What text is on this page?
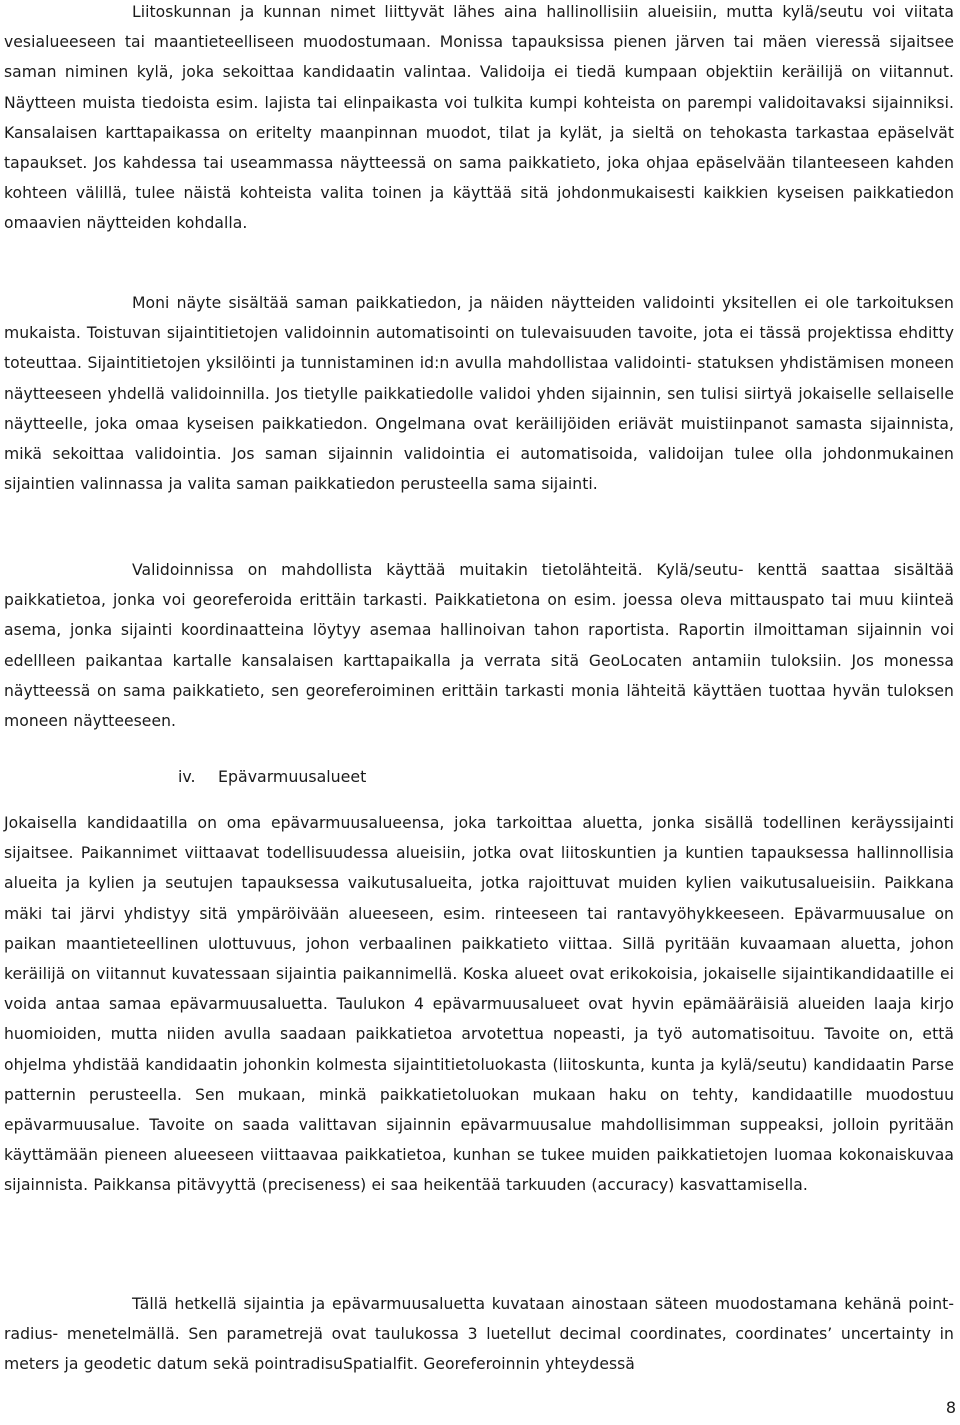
Liitoskunnan ja kunnan nimet liittyvät lähes aina hallinollisiin alueisiin, mutta kylä/seutu voi viitata vesialueeseen tai maantieteelliseen muodostumaan. Monissa tapauksissa pienen järven tai mäen vieressä sijaitsee saman niminen kylä, joka sekoittaa kandidaatin valintaa. Validoija ei tiedä kumpaan objektiin keräilijä on viitannut. Näytteen muista tiedoista esim. lajista tai elinpaikasta voi tulkita kumpi kohteista on parempi validoitavaksi sijainniksi. Kansalaisen karttapaikassa on eritelty maanpinnan muodot, tilat ja kylät, ja sieltä on tehokasta tarkastaa epäselvät tapaukset. Jos kahdessa tai useammassa näytteessä on sama paikkatieto, joka ohjaa epäselvään tilanteeseen kahden kohteen välillä, tulee näistä kohteista valita toinen ja käyttää sitä johdonmukaisesti kaikkien kyseisen paikkatiedon omaavien näytteiden kohdalla.

Moni näyte sisältää saman paikkatiedon, ja näiden näytteiden validointi yksitellen ei ole tarkoituksen mukaista. Toistuvan sijaintitietojen validoinnin automatisointi on tulevaisuuden tavoite, jota ei tässä projektissa ehditty toteuttaa. Sijaintitietojen yksilöinti ja tunnistaminen id:n avulla mahdollistaa validointi- statuksen yhdistämisen moneen näytteeseen yhdellä validoinnilla. Jos tietylle paikkatiedolle validoi yhden sijainnin, sen tulisi siirtyä jokaiselle sellaiselle näytteelle, joka omaa kyseisen paikkatiedon. Ongelmana ovat keräilijöiden eriävät muistiinpanot samasta sijainnista, mikä sekoittaa validointia. Jos saman sijainnin validointia ei automatisoida, validoijan tulee olla johdonmukainen sijaintien valinnassa ja valita saman paikkatiedon perusteella sama sijainti.

Validoinnissa on mahdollista käyttää muitakin tietolähteitä. Kylä/seutu- kenttä saattaa sisältää paikkatietoa, jonka voi georeferoida erittäin tarkasti. Paikkatietona on esim. joessa oleva mittauspato tai muu kiinteä asema, jonka sijainti koordinaatteina löytyy asemaa hallinoivan tahon raportista. Raportin ilmoittaman sijainnin voi edellleen paikantaa kartalle kansalaisen karttapaikalla ja verrata sitä GeoLocaten antamiin tuloksiin. Jos monessa näytteessä on sama paikkatieto, sen georeferoiminen erittäin tarkasti monia lähteitä käyttäen tuottaa hyvän tuloksen moneen näytteeseen.

iv. Epävarmuusalueet

Jokaisella kandidaatilla on oma epävarmuusalueensa, joka tarkoittaa aluetta, jonka sisällä todellinen keräyssijainti sijaitsee. Paikannimet viittaavat todellisuudessa alueisiin, jotka ovat liitoskuntien ja kuntien tapauksessa hallinnollisia alueita ja kylien ja seutujen tapauksessa vaikutusalueita, jotka rajoittuvat muiden kylien vaikutusalueisiin. Paikkana mäki tai järvi yhdistyy sitä ympäröivään alueeseen, esim. rinteeseen tai rantavyöhykkeeseen. Epävarmuusalue on paikan maantieteellinen ulottuvuus, johon verbaalinen paikkatieto viittaa. Sillä pyritään kuvaamaan aluetta, johon keräilijä on viitannut kuvatessaan sijaintia paikannimellä. Koska alueet ovat erikokoisia, jokaiselle sijaintikandidaatille ei voida antaa samaa epävarmuusaluetta. Taulukon 4 epävarmuusalueet ovat hyvin epämääräisiä alueiden laaja kirjo huomioiden, mutta niiden avulla saadaan paikkatietoa arvotettua nopeasti, ja työ automatisoituu. Tavoite on, että ohjelma yhdistää kandidaatin johonkin kolmesta sijaintitietoluokasta (liitoskunta, kunta ja kylä/seutu) kandidaatin Parse patternin perusteella. Sen mukaan, minkä paikkatietoluokan mukaan haku on tehty, kandidaatille muodostuu epävarmuusalue. Tavoite on saada valittavan sijainnin epävarmuusalue mahdollisimman suppeaksi, jolloin pyritään käyttämään pieneen alueeseen viittaavaa paikkatietoa, kunhan se tukee muiden paikkatietojen luomaa kokonaiskuvaa sijainnista. Paikkansa pitävyyttä (preciseness) ei saa heikentää tarkuuden (accuracy) kasvattamisella.

Tällä hetkellä sijaintia ja epävarmuusaluetta kuvataan ainostaan säteen muodostamana kehänä point- radius- menetelmällä. Sen parametrejä ovat taulukossa 3 luetellut decimal coordinates, coordinates’ uncertainty in meters ja geodetic datum sekä pointradisuSpatialfit. Georeferoinnin yhteydessä

8
